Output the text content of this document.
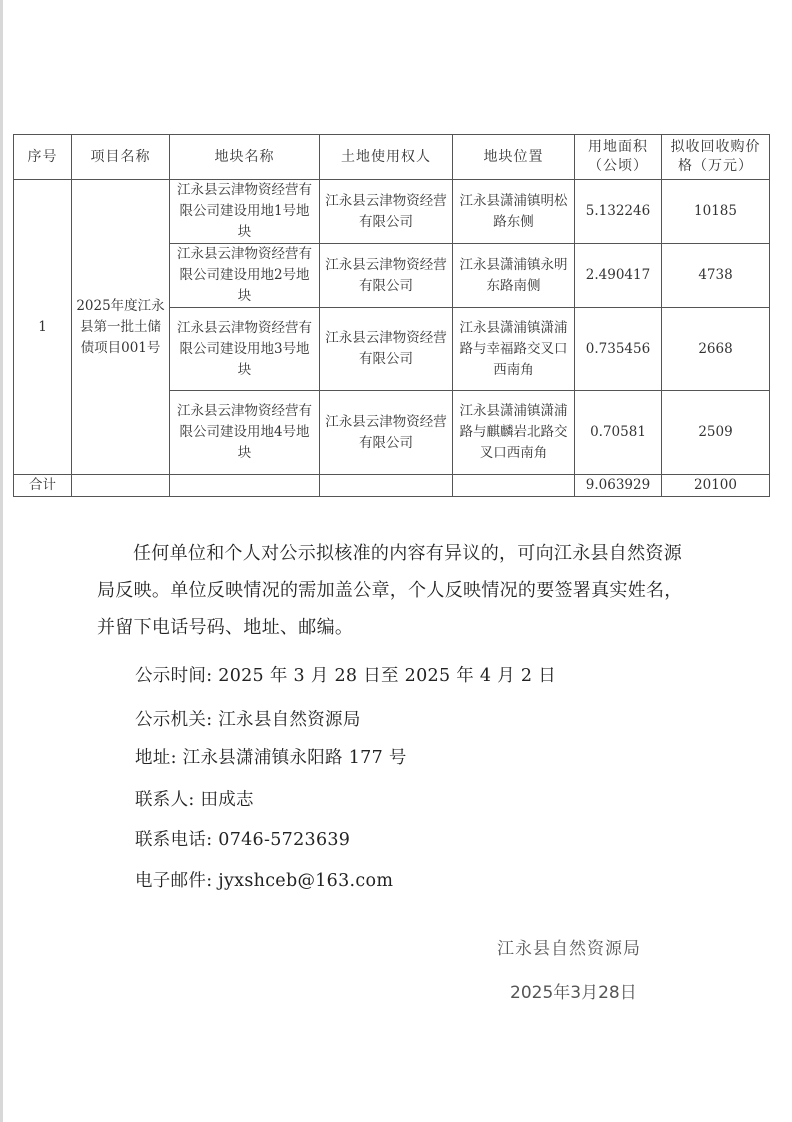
序号	项目名称	地块名称	土地使用权人	地块位置	用地面积（公顷）	拟收回收购价格（万元）
1	2025年度江永县第一批土储债项目001号	江永县云津物资经营有限公司建设用地1号地块	江永县云津物资经营有限公司	江永县潇浦镇明松路东侧	5.132246	10185
		江永县云津物资经营有限公司建设用地2号地块	江永县云津物资经营有限公司	江永县潇浦镇永明东路南侧	2.490417	4738
		江永县云津物资经营有限公司建设用地3号地块	江永县云津物资经营有限公司	江永县潇浦镇潇浦路与幸福路交叉口西南角	0.735456	2668
		江永县云津物资经营有限公司建设用地4号地块	江永县云津物资经营有限公司	江永县潇浦镇潇浦路与麒麟岩北路交叉口西南角	0.70581	2509
合计					9.063929	20100

任何单位和个人对公示拟核准的内容有异议的，可向江永县自然资源局反映。单位反映情况的需加盖公章，个人反映情况的要签署真实姓名，并留下电话号码、地址、邮编。

公示时间: 2025 年 3 月 28 日至 2025 年 4 月 2 日
公示机关: 江永县自然资源局
地址: 江永县潇浦镇永阳路 177 号
联系人: 田成志
联系电话: 0746-5723639
电子邮件: jyxshceb@163.com
江永县自然资源局
2025年3月28日
